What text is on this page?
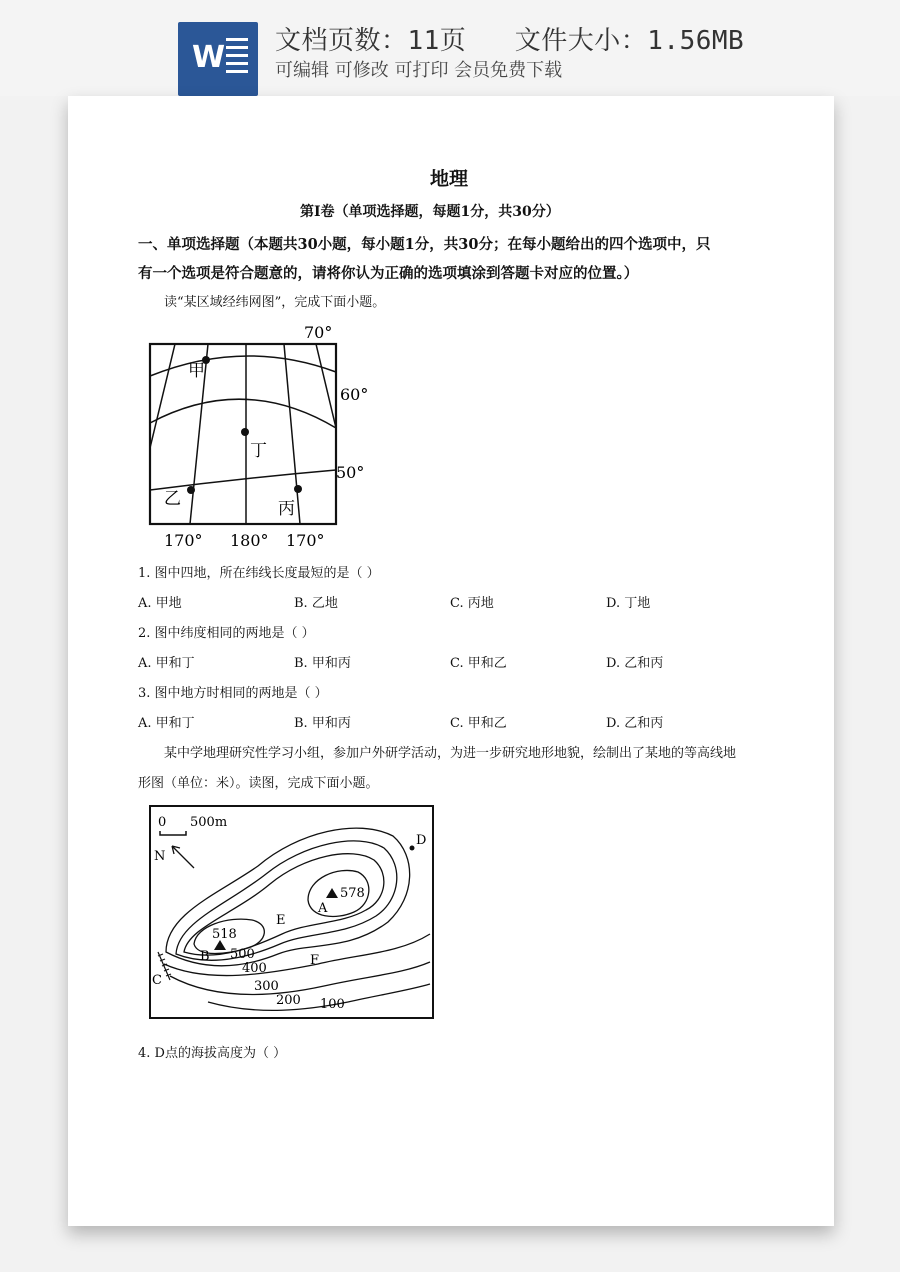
W 文档页数：11页   文件大小：1.56MB
可编辑 可修改 可打印 会员免费下载
地理
第Ⅰ卷（单项选择题，每题1分，共30分）
一、单项选择题（本题共30小题，每小题1分，共30分；在每小题给出的四个选项中，只
有一个选项是符合题意的，请将你认为正确的选项填涂到答题卡对应的位置。）
读“某区域经纬网图”，完成下面小题。
甲
乙	丙
丁
70°
60°
50°
170° 180° 170°
1. 图中四地，所在纬线长度最短的是（ ）
A. 甲地	B. 乙地	C. 丙地	D. 丁地
2. 图中纬度相同的两地是（ ）
A. 甲和丁	B. 甲和丙	C. 甲和乙	D. 乙和丙
3. 图中地方时相同的两地是（ ）
A. 甲和丁	B. 甲和丙	C. 甲和乙	D. 乙和丙
某中学地理研究性学习小组，参加户外研学活动，为进一步研究地形地貌，绘制出了某地的等高线地
形图（单位：米）。读图，完成下面小题。
0 500m
N
578
A
518
B
C
D
E
F
500
400
300
200 100
4. D点的海拔高度为（ ）
